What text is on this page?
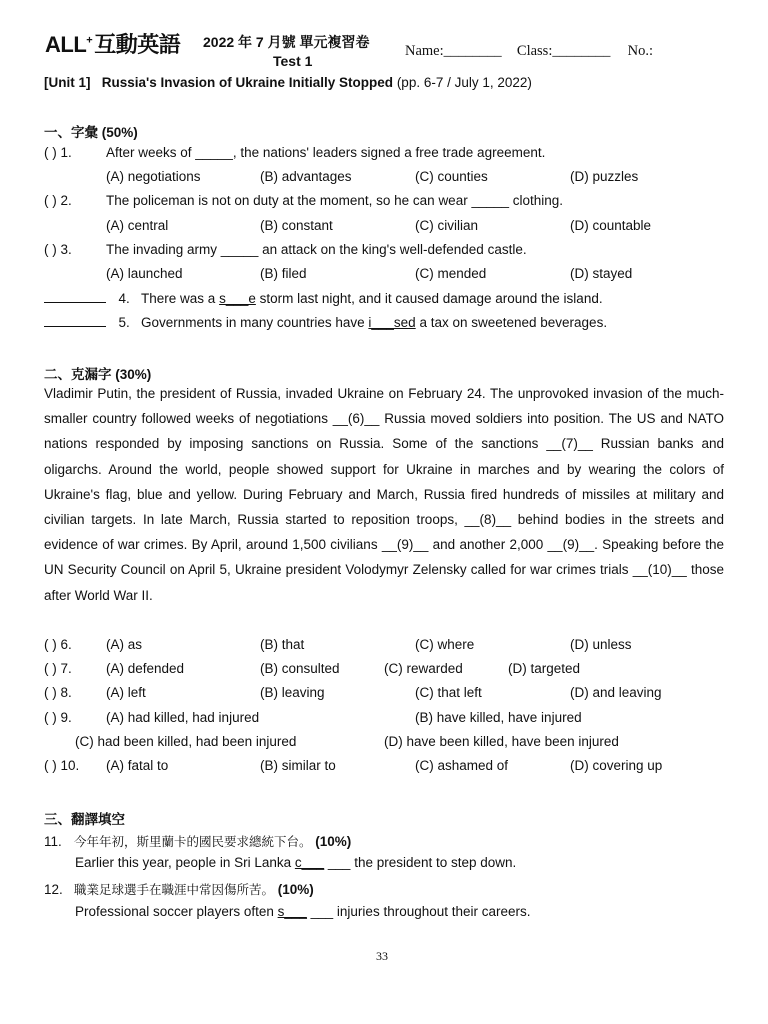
ALL+互動英語 2022 年 7 月號 單元複習卷
Test 1
Name:________ Class:________ No.:
[Unit 1] Russia's Invasion of Ukraine Initially Stopped (pp. 6-7 / July 1, 2022)
一、字彙 (50%)
( ) 1.	After weeks of _____, the nations' leaders signed a free trade agreement.
(A) negotiations	(B) advantages	(C) counties	(D) puzzles
( ) 2.	The policeman is not on duty at the moment, so he can wear _____ clothing.
(A) central	(B) constant	(C) civilian	(D) countable
( ) 3.	The invading army _____ an attack on the king's well-defended castle.
(A) launched	(B) filed	(C) mended	(D) stayed
4. There was a s___e storm last night, and it caused damage around the island.
5. Governments in many countries have i___sed a tax on sweetened beverages.
二、克漏字 (30%)
Vladimir Putin, the president of Russia, invaded Ukraine on February 24. The unprovoked invasion of the much-smaller country followed weeks of negotiations __(6)__ Russia moved soldiers into position. The US and NATO nations responded by imposing sanctions on Russia. Some of the sanctions __(7)__ Russian banks and oligarchs. Around the world, people showed support for Ukraine in marches and by wearing the colors of Ukraine's flag, blue and yellow. During February and March, Russia fired hundreds of missiles at military and civilian targets. In late March, Russia started to reposition troops, __(8)__ behind bodies in the streets and evidence of war crimes. By April, around 1,500 civilians __(9)__ and another 2,000 __(9)__. Speaking before the UN Security Council on April 5, Ukraine president Volodymyr Zelensky called for war crimes trials __(10)__ those after World War II.
( ) 6.	(A) as	(B) that	(C) where	(D) unless
( ) 7.	(A) defended	(B) consulted	(C) rewarded	(D) targeted
( ) 8.	(A) left	(B) leaving	(C) that left	(D) and leaving
( ) 9.	(A) had killed, had injured	(B) have killed, have injured
(C) had been killed, had been injured	(D) have been killed, have been injured
( ) 10. (A) fatal to	(B) similar to	(C) ashamed of	(D) covering up
三、翻譯填空
11. 今年年初，斯里蘭卡的國民要求總統下台。 (10%)
Earlier this year, people in Sri Lanka c___ ___ the president to step down.
12. 職業足球選手在職涯中常因傷所苦。 (10%)
Professional soccer players often s___ ___ injuries throughout their careers.
33
